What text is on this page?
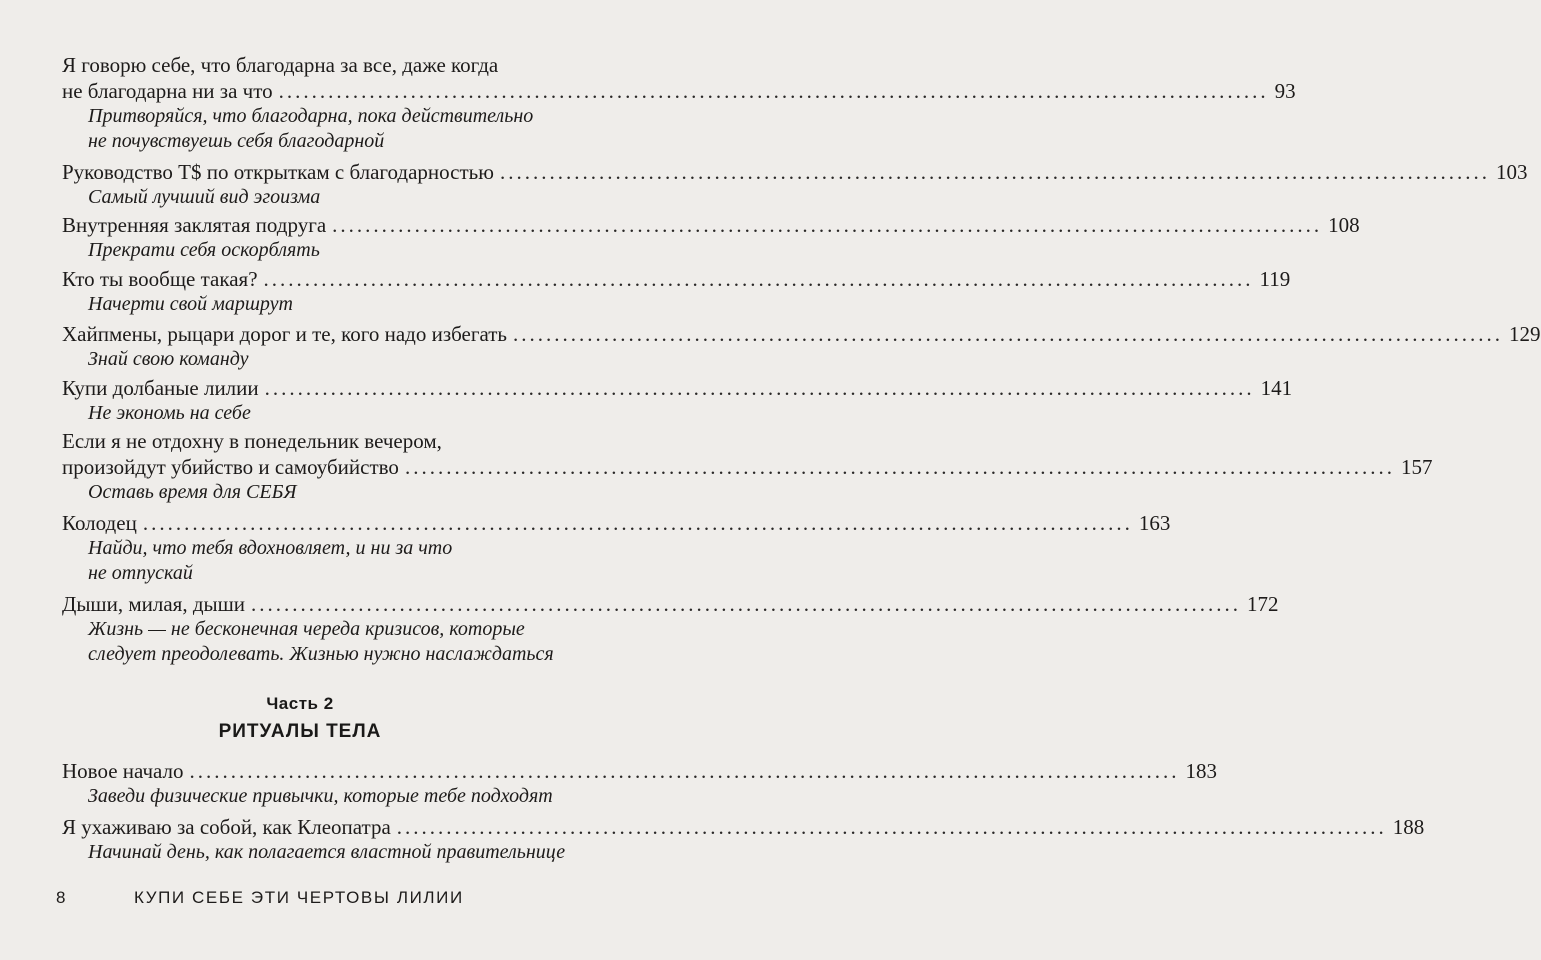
Я говорю себе, что благодарна за все, даже когда
не благодарна ни за что ........................................................................................................................ 93
Притворяйся, что благодарна, пока действительно
не почувствуешь себя благодарной
Руководство T$ по открыткам с благодарностью ........................................................................................................................ 103
Самый лучший вид эгоизма
Внутренняя заклятая подруга ........................................................................................................................ 108
Прекрати себя оскорблять
Кто ты вообще такая? ........................................................................................................................ 119
Начерти свой маршрут
Хайпмены, рыцари дорог и те, кого надо избегать ........................................................................................................................ 129
Знай свою команду
Купи долбаные лилии ........................................................................................................................ 141
Не экономь на себе
Если я не отдохну в понедельник вечером,
произойдут убийство и самоубийство ........................................................................................................................ 157
Оставь время для СЕБЯ
Колодец ........................................................................................................................ 163
Найди, что тебя вдохновляет, и ни за что
не отпускай
Дыши, милая, дыши ........................................................................................................................ 172
Жизнь — не бесконечная череда кризисов, которые
следует преодолевать. Жизнью нужно наслаждаться
Часть 2
РИТУАЛЫ ТЕЛА
Новое начало ........................................................................................................................ 183
Заведи физические привычки, которые тебе подходят
Я ухаживаю за собой, как Клеопатра ........................................................................................................................ 188
Начинай день, как полагается властной правительнице
8	КУПИ СЕБЕ ЭТИ ЧЕРТОВЫ ЛИЛИИ
